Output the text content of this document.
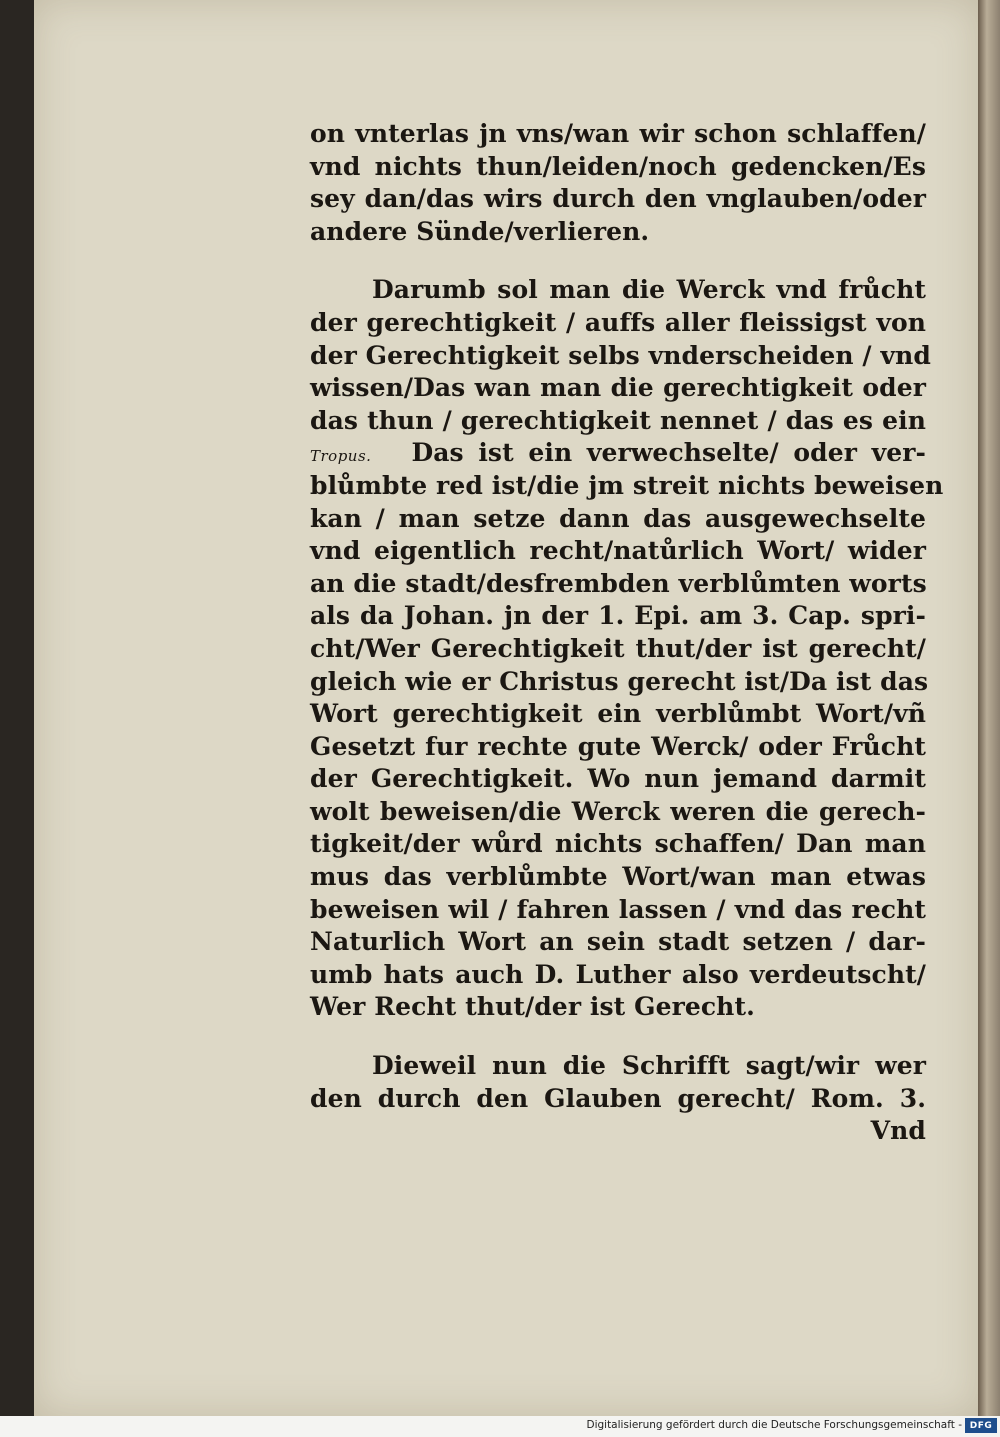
on vnterlas jn vns/wan wir schon schlaffen/
vnd nichts thun/leiden/noch gedencken/Es
sey dan/das wirs durch den vnglauben/oder
andere Sünde/verlieren.
Darumb sol man die Werck vnd frůcht
der gerechtigkeit / auffs aller fleissigst von
der Gerechtigkeit selbs vnderscheiden / vnd
wissen/Das wan man die gerechtigkeit oder
das thun / gerechtigkeit nennet / das es ein
Tropus. Das ist ein verwechselte/ oder ver-
blůmbte red ist/die jm streit nichts beweisen
kan / man setze dann das ausgewechselte
vnd eigentlich recht/natůrlich Wort/ wider
an die stadt/desfrembden verblůmten worts
als da Johan. jn der 1. Epi. am 3. Cap. spri-
cht/Wer Gerechtigkeit thut/der ist gerecht/
gleich wie er Christus gerecht ist/Da ist das
Wort gerechtigkeit ein verblůmbt Wort/vñ
Gesetzt fur rechte gute Werck/ oder Frůcht
der Gerechtigkeit. Wo nun jemand darmit
wolt beweisen/die Werck weren die gerech-
tigkeit/der wůrd nichts schaffen/ Dan man
mus das verblůmbte Wort/wan man etwas
beweisen wil / fahren lassen / vnd das recht
Naturlich Wort an sein stadt setzen / dar-
umb hats auch D. Luther also verdeutscht/
Wer Recht thut/der ist Gerecht.
Dieweil nun die Schrifft sagt/wir wer
den durch den Glauben gerecht/ Rom. 3.
Vnd
Digitalisierung gefördert durch die Deutsche Forschungsgemeinschaft - DFG
